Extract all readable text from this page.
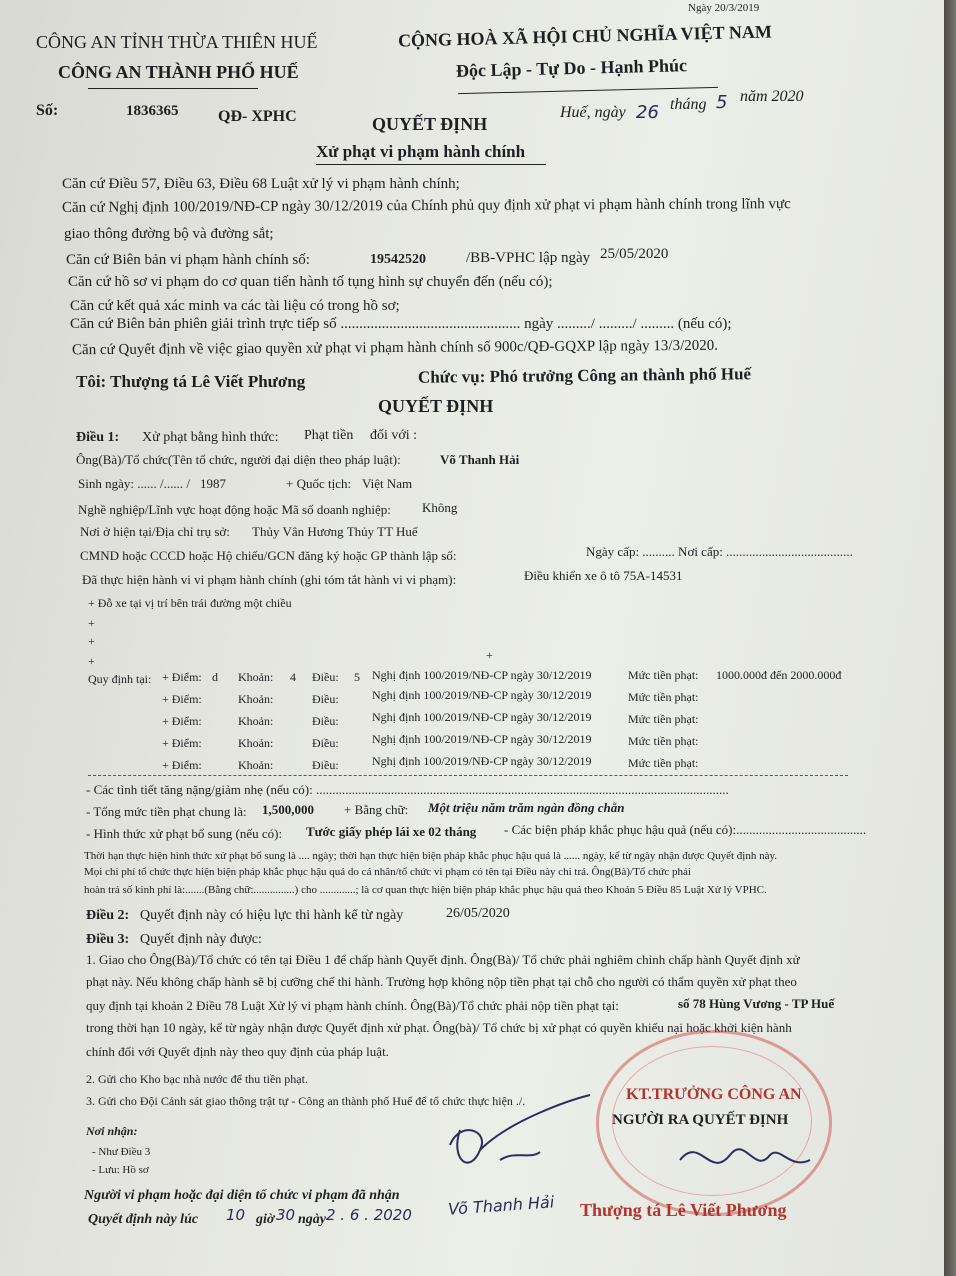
Ngày 20/3/2019
CÔNG AN TỈNH THỪA THIÊN HUẾ
CÔNG AN THÀNH PHỐ HUẾ
CỘNG HOÀ XÃ HỘI CHỦ NGHĨA VIỆT NAM
Độc Lập - Tự Do - Hạnh Phúc
Số:	1836365 QĐ- XPHC	Huế, ngày 26 tháng 5 năm 2020
QUYẾT ĐỊNH
Xử phạt vi phạm hành chính
Căn cứ Điều 57, Điều 63, Điều 68 Luật xử lý vi phạm hành chính;
Căn cứ Nghị định 100/2019/NĐ-CP ngày 30/12/2019 của Chính phủ quy định xử phạt vi phạm hành chính trong lĩnh vực
giao thông đường bộ và đường sắt;
Căn cứ Biên bản vi phạm hành chính số:	19542520	/BB-VPHC lập ngày 25/05/2020
Căn cứ hồ sơ vi phạm do cơ quan tiến hành tố tụng hình sự chuyển đến (nếu có);
Căn cứ kết quả xác minh va các tài liệu có trong hồ sơ;
Căn cứ Biên bản phiên giải trình trực tiếp số ................................................ ngày ........./ ........./ ......... (nếu có);
Căn cứ Quyết định về việc giao quyền xử phạt vi phạm hành chính số 900c/QĐ-GQXP lập ngày 13/3/2020.
Tôi: Thượng tá Lê Viết Phương	Chức vụ: Phó trưởng Công an thành phố Huế
QUYẾT ĐỊNH
Điều 1: Xử phạt bằng hình thức: Phạt tiền đối với :
Ông(Bà)/Tổ chức(Tên tổ chức, người đại diện theo pháp luật):	Võ Thanh Hải
Sinh ngày: ...... /...... / 1987	+ Quốc tịch: Việt Nam
Nghề nghiệp/Lĩnh vực hoạt động hoặc Mã số doanh nghiệp: Không
Nơi ở hiện tại/Địa chỉ trụ sở: Thủy Vân Hương Thủy TT Huế
CMND hoặc CCCD hoặc Hộ chiếu/GCN đăng ký hoặc GP thành lập số:	Ngày cấp: .......... Nơi cấp: .......................................
Đã thực hiện hành vi vi phạm hành chính (ghi tóm tắt hành vi vi phạm):	Điều khiển xe ô tô 75A-14531
+ Đỗ xe tại vị trí bên trái đường một chiều
+
+
+	+
Quy định tại: + Điểm: d Khoản: 4 Điều: 5 Nghị định 100/2019/NĐ-CP ngày 30/12/2019	Mức tiền phạt: 1000.000đ đến 2000.000đ
+ Điểm:	Khoản:	Điều:	Nghị định 100/2019/NĐ-CP ngày 30/12/2019	Mức tiền phạt:
+ Điểm:	Khoản:	Điều:	Nghị định 100/2019/NĐ-CP ngày 30/12/2019	Mức tiền phạt:
+ Điểm:	Khoản:	Điều:	Nghị định 100/2019/NĐ-CP ngày 30/12/2019	Mức tiền phạt:
+ Điểm:	Khoản:	Điều:	Nghị định 100/2019/NĐ-CP ngày 30/12/2019	Mức tiền phạt:
- Các tình tiết tăng nặng/giảm nhẹ (nếu có): ...............................................................................................................................
- Tổng mức tiền phạt chung là: 1,500,000 + Bằng chữ: Một triệu năm trăm ngàn đồng chẵn
- Hình thức xử phạt bổ sung (nếu có): Tước giấy phép lái xe 02 tháng - Các biện pháp khắc phục hậu quả (nếu có):........................................
Thời hạn thực hiện hình thức xử phạt bổ sung là .... ngày; thời hạn thực hiện biện pháp khắc phục hậu quả là ...... ngày, kể từ ngày nhận được Quyết định này.
Mọi chi phí tổ chức thực hiện biện pháp khắc phục hậu quả do cá nhân/tổ chức vi phạm có tên tại Điều này chi trả. Ông(Bà)/Tổ chức phải
hoàn trả số kinh phí là:.......(Bằng chữ:...............) cho .............; là cơ quan thực hiện biện pháp khắc phục hậu quả theo Khoản 5 Điều 85 Luật Xử lý VPHC.
Điều 2: Quyết định này có hiệu lực thi hành kể từ ngày	26/05/2020
Điều 3: Quyết định này được:
1. Giao cho Ông(Bà)/Tổ chức có tên tại Điều 1 để chấp hành Quyết định. Ông(Bà)/ Tổ chức phải nghiêm chỉnh chấp hành Quyết định xử
phạt này. Nếu không chấp hành sẽ bị cưỡng chế thi hành. Trường hợp không nộp tiền phạt tại chỗ cho người có thẩm quyền xử phạt theo
quy định tại khoản 2 Điều 78 Luật Xử lý vi phạm hành chính. Ông(Bà)/Tổ chức phải nộp tiền phạt tại:	số 78 Hùng Vương - TP Huế
trong thời hạn 10 ngày, kể từ ngày nhận được Quyết định xử phạt. Ông(bà)/ Tổ chức bị xử phạt có quyền khiếu nại hoặc khởi kiện hành
chính đối với Quyết định này theo quy định của pháp luật.
2. Gửi cho Kho bạc nhà nước để thu tiền phạt.
3. Gửi cho Đội Cảnh sát giao thông trật tự - Công an thành phố Huế để tổ chức thực hiện ./.
Nơi nhận:
- Như Điều 3
- Lưu: Hồ sơ
KT.TRƯỞNG CÔNG AN
NGƯỜI RA QUYẾT ĐỊNH
Thượng tá Lê Viết Phương
Người vi phạm hoặc đại diện tổ chức vi phạm đã nhận
Quyết định này lúc 10 giờ 30 ngày 2 . 6 . 2020 Võ Thanh Hải
